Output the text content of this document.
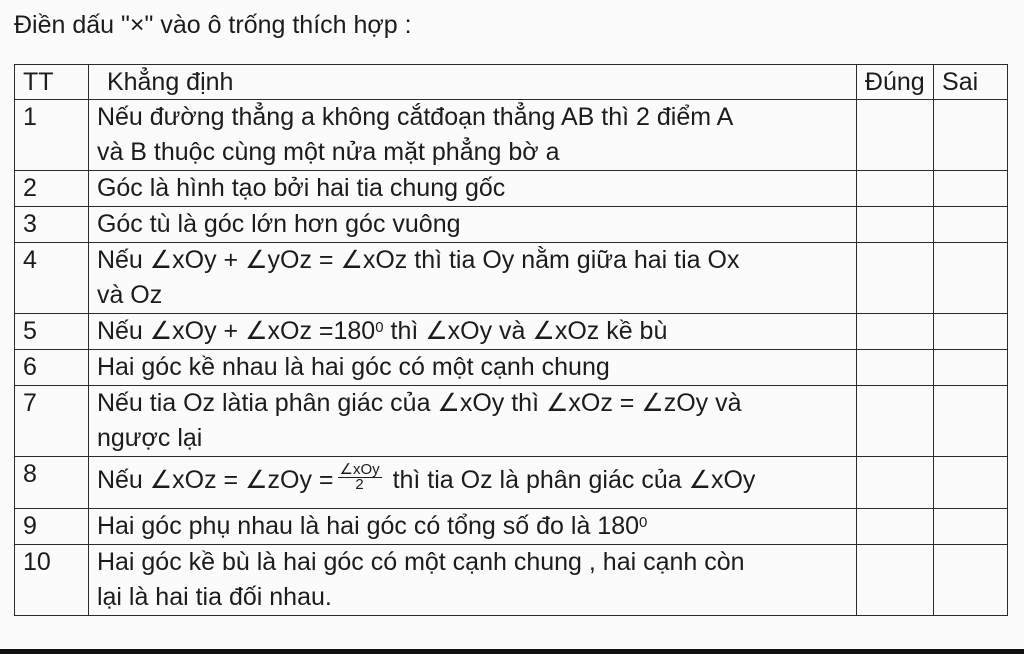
Điền dấu "×" vào ô trống thích hợp :
TT	Khẳng định	Đúng	Sai
1	Nếu đường thẳng a không cắtđoạn thẳng AB thì 2 điểm A
và B thuộc cùng một nửa mặt phẳng bờ a		

2	Góc là hình tạo bởi hai tia chung gốc		
3	Góc tù là góc lớn hơn góc vuông		
4	Nếu ∠xOy + ∠yOz = ∠xOz thì tia Oy nằm giữa hai tia Ox
và Oz		

5	Nếu ∠xOy + ∠xOz $=180^0$ thì ∠xOy và ∠xOz kề bù		
6	Hai góc kề nhau là hai góc có một cạnh chung		
7	Nếu tia Oz làtia phân giác của ∠xOy thì ∠xOz = ∠zOy và
ngược lại		

8	Nếu ∠xOz = ∠zOy = $\frac{\text{∠xOy}}{2}$ thì tia Oz là phân giác của ∠xOy		
9	Hai góc phụ nhau là hai góc có tổng số đo là $180^0$		
10	Hai góc kề bù là hai góc có một cạnh chung , hai cạnh còn
lại là hai tia đối nhau.		
